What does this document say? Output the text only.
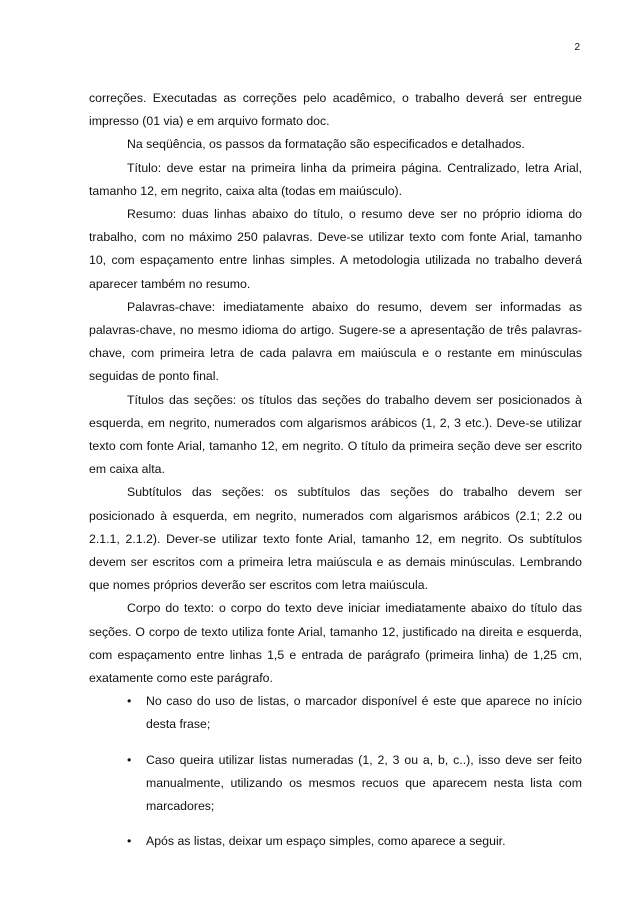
2

correções. Executadas as correções pelo acadêmico, o trabalho deverá ser entregue impresso (01 via) e em arquivo formato doc.

Na seqüência, os passos da formatação são especificados e detalhados.

Título: deve estar na primeira linha da primeira página. Centralizado, letra Arial, tamanho 12, em negrito, caixa alta (todas em maiúsculo).

Resumo: duas linhas abaixo do título, o resumo deve ser no próprio idioma do trabalho, com no máximo 250 palavras. Deve-se utilizar texto com fonte Arial, tamanho 10, com espaçamento entre linhas simples. A metodologia utilizada no trabalho deverá aparecer também no resumo.

Palavras-chave: imediatamente abaixo do resumo, devem ser informadas as palavras-chave, no mesmo idioma do artigo. Sugere-se a apresentação de três palavras-chave, com primeira letra de cada palavra em maiúscula e o restante em minúsculas seguidas de ponto final.

Títulos das seções: os títulos das seções do trabalho devem ser posicionados à esquerda, em negrito, numerados com algarismos arábicos (1, 2, 3 etc.). Deve-se utilizar texto com fonte Arial, tamanho 12, em negrito. O título da primeira seção deve ser escrito em caixa alta.

Subtítulos das seções: os subtítulos das seções do trabalho devem ser posicionado à esquerda, em negrito, numerados com algarismos arábicos (2.1; 2.2 ou 2.1.1, 2.1.2). Dever-se utilizar texto fonte Arial, tamanho 12, em negrito. Os subtítulos devem ser escritos com a primeira letra maiúscula e as demais minúsculas. Lembrando que nomes próprios deverão ser escritos com letra maiúscula.

Corpo do texto: o corpo do texto deve iniciar imediatamente abaixo do título das seções. O corpo de texto utiliza fonte Arial, tamanho 12, justificado na direita e esquerda, com espaçamento entre linhas 1,5 e entrada de parágrafo (primeira linha) de 1,25 cm, exatamente como este parágrafo.

• No caso do uso de listas, o marcador disponível é este que aparece no início desta frase;
• Caso queira utilizar listas numeradas (1, 2, 3 ou a, b, c..), isso deve ser feito manualmente, utilizando os mesmos recuos que aparecem nesta lista com marcadores;
• Após as listas, deixar um espaço simples, como aparece a seguir.
